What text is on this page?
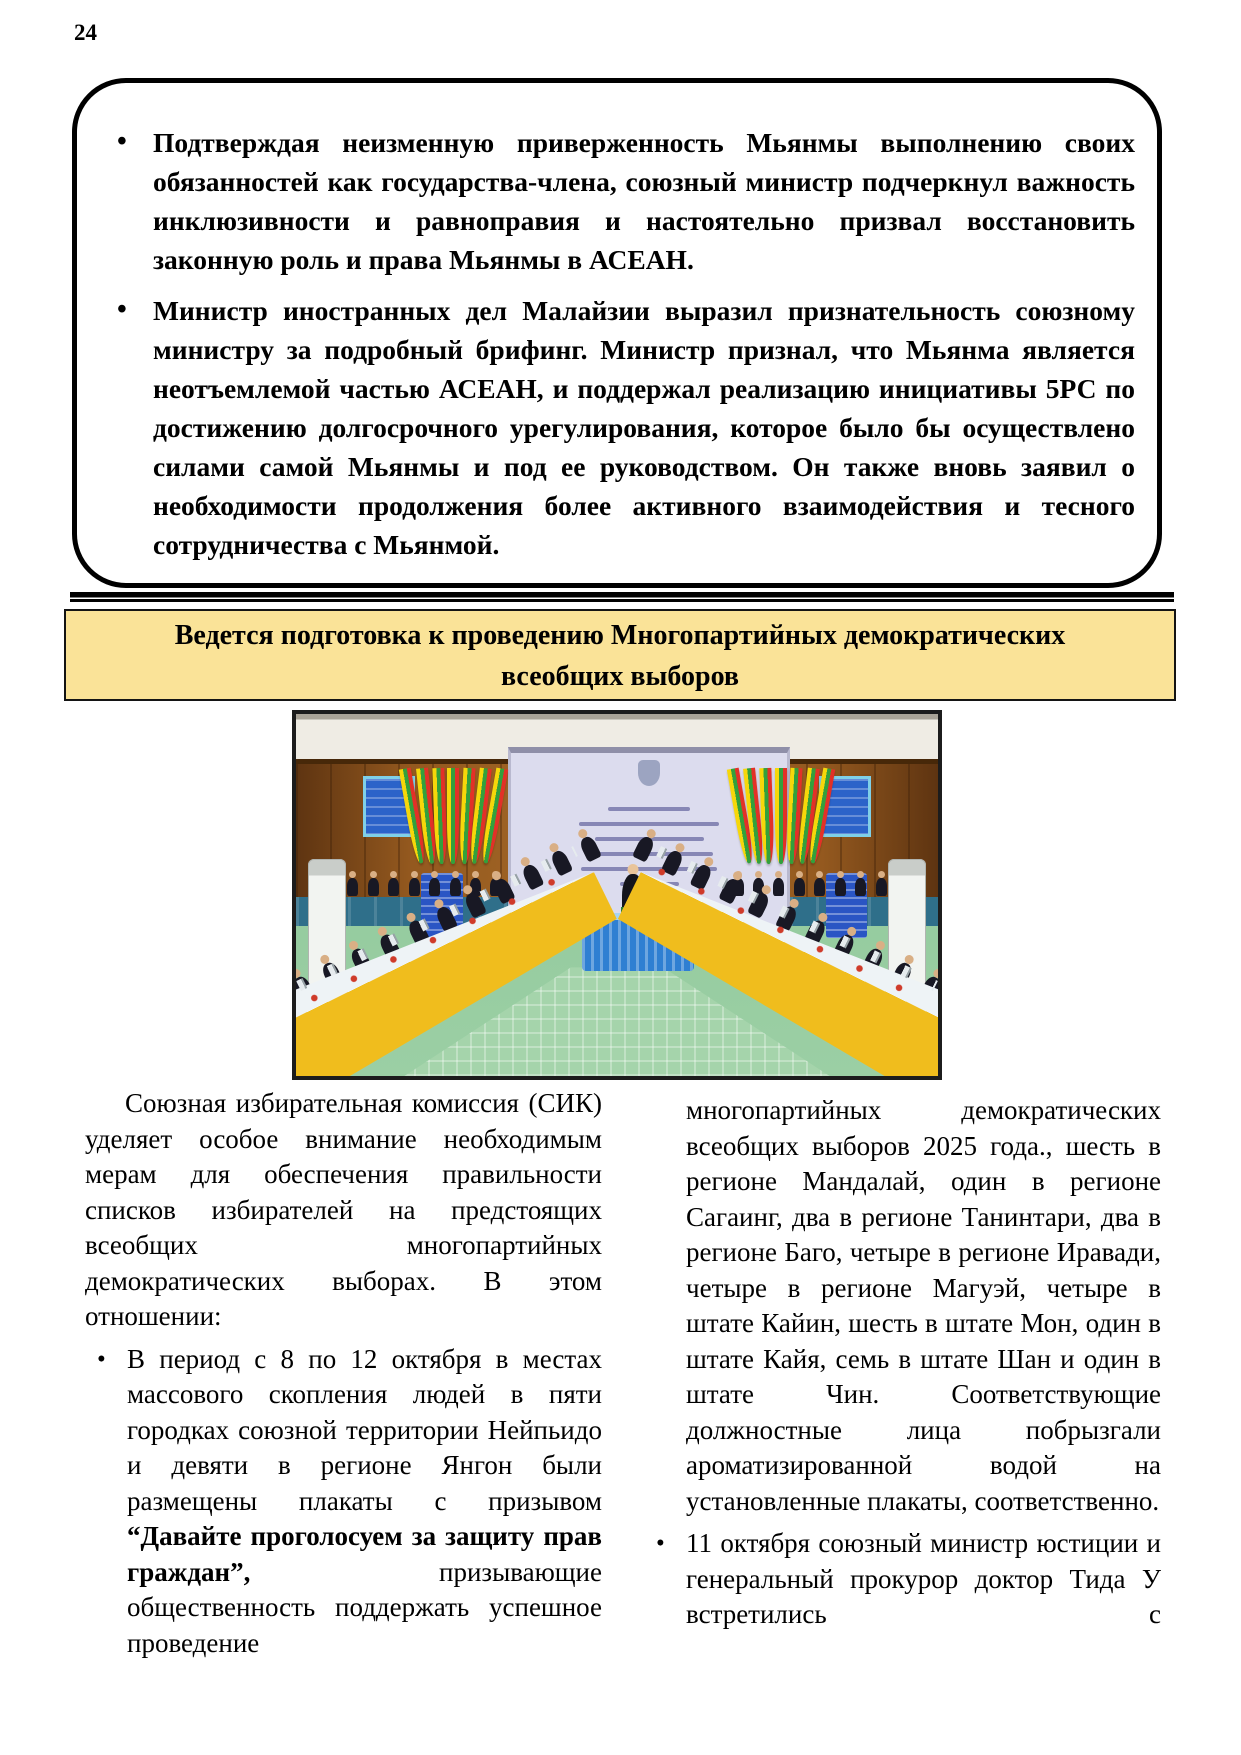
24
• Подтверждая неизменную приверженность Мьянмы выполнению своих обязанностей как государства-члена, союзный министр подчеркнул важность инклюзивности и равноправия и настоятельно призвал восстановить законную роль и права Мьянмы в АСЕАН.
• Министр иностранных дел Малайзии выразил признательность союзному министру за подробный брифинг. Министр признал, что Мьянма является неотъемлемой частью АСЕАН, и поддержал реализацию инициативы 5РС по достижению долгосрочного урегулирования, которое было бы осуществлено силами самой Мьянмы и под ее руководством. Он также вновь заявил о необходимости продолжения более активного взаимодействия и тесного сотрудничества с Мьянмой.
Ведется подготовка к проведению Многопартийных демократических
всеобщих выборов

Союзная избирательная комиссия (СИК) уделяет особое внимание необходимым мерам для обеспечения правильности списков избирателей на предстоящих всеобщих многопартийных демократических выборах. В этом отношении:

• В период с 8 по 12 октября в местах массового скопления людей в пяти городках союзной территории Нейпьидо и девяти в регионе Янгон были размещены плакаты с призывом “Давайте проголосуем за защиту прав граждан”, призывающие общественность поддержать успешное проведение
многопартийных демократических всеобщих выборов 2025 года., шесть в регионе Мандалай, один в регионе Сагаинг, два в регионе Танинтари, два в регионе Баго, четыре в регионе Иравади, четыре в регионе Магуэй, четыре в штате Кайин, шесть в штате Мон, один в штате Кайя, семь в штате Шан и один в штате Чин. Соответствующие должностные лица побрызгали ароматизированной водой на установленные плакаты, соответственно.
• 11 октября союзный министр юстиции и генеральный прокурор доктор Тида У встретились с
